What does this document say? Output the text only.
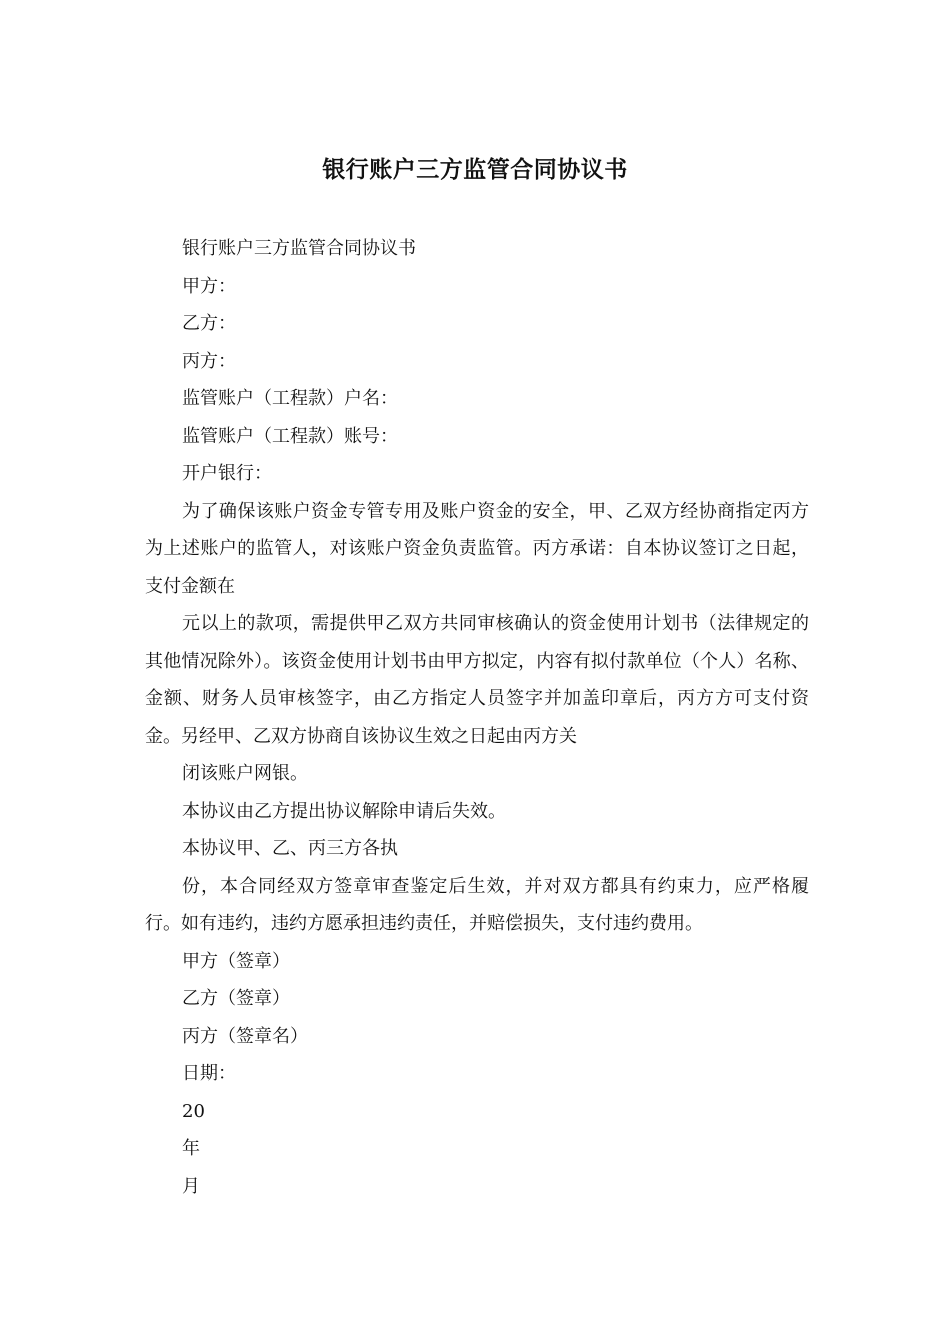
银行账户三方监管合同协议书

银行账户三方监管合同协议书

甲方：

乙方：

丙方：

监管账户（工程款）户名：

监管账户（工程款）账号：

开户银行：

为了确保该账户资金专管专用及账户资金的安全，甲、乙双方经协商指定丙方为上述账户的监管人，对该账户资金负责监管。丙方承诺：自本协议签订之日起，支付金额在

元以上的款项，需提供甲乙双方共同审核确认的资金使用计划书（法律规定的其他情况除外）。该资金使用计划书由甲方拟定，内容有拟付款单位（个人）名称、金额、财务人员审核签字，由乙方指定人员签字并加盖印章后，丙方方可支付资金。另经甲、乙双方协商自该协议生效之日起由丙方关

闭该账户网银。

本协议由乙方提出协议解除申请后失效。

本协议甲、乙、丙三方各执

份，本合同经双方签章审查鉴定后生效，并对双方都具有约束力，应严格履行。如有违约，违约方愿承担违约责任，并赔偿损失，支付违约费用。

甲方（签章）

乙方（签章）

丙方（签章名）

日期：

20

年

月
